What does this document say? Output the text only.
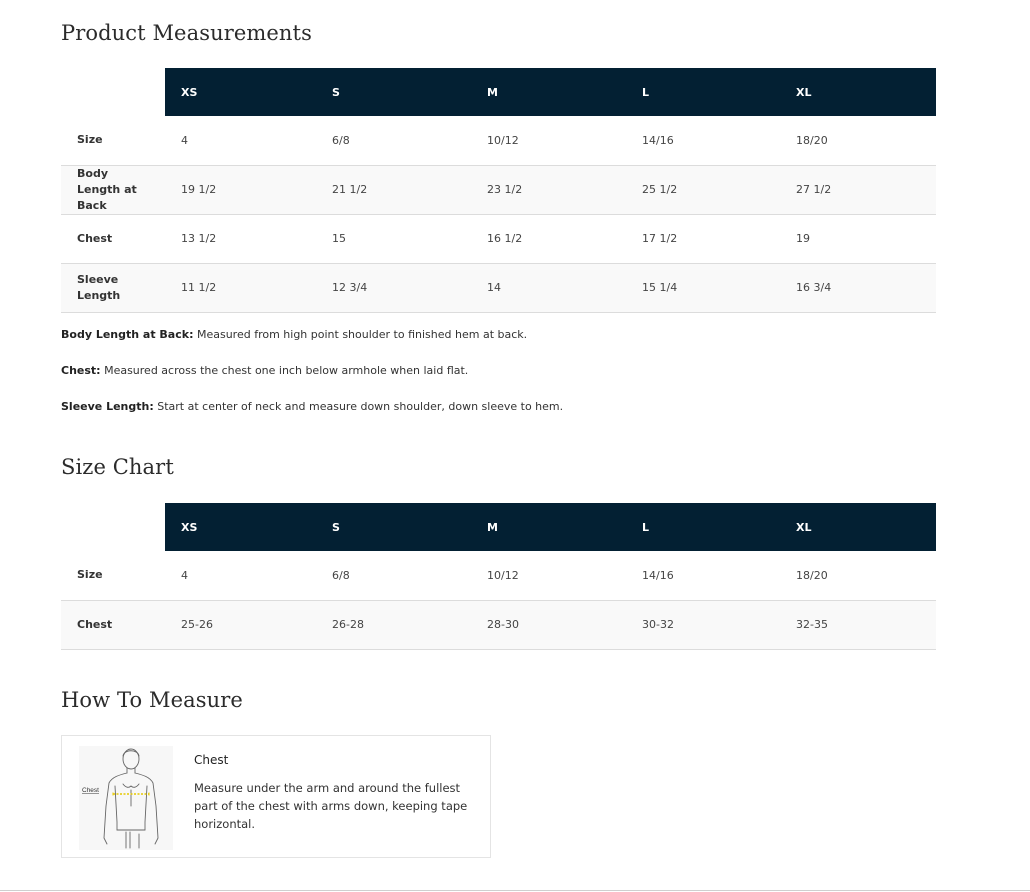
Product Measurements
	XS	S	M	L	XL

Size	4	6/8	10/12	14/16	18/20

Body Length at Back	19 1/2	21 1/2	23 1/2	25 1/2	27 1/2

Chest	13 1/2	15	16 1/2	17 1/2	19

Sleeve Length	11 1/2	12 3/4	14	15 1/4	16 3/4

Body Length at Back: Measured from high point shoulder to finished hem at back.

Chest: Measured across the chest one inch below armhole when laid flat.

Sleeve Length: Start at center of neck and measure down shoulder, down sleeve to hem.

Size Chart
	XS	S	M	L	XL

Size	4	6/8	10/12	14/16	18/20

Chest	25-26	26-28	28-30	30-32	32-35
How To Measure
Chest
Chest

Measure under the arm and around the fullest part of the chest with arms down, keeping tape horizontal.
